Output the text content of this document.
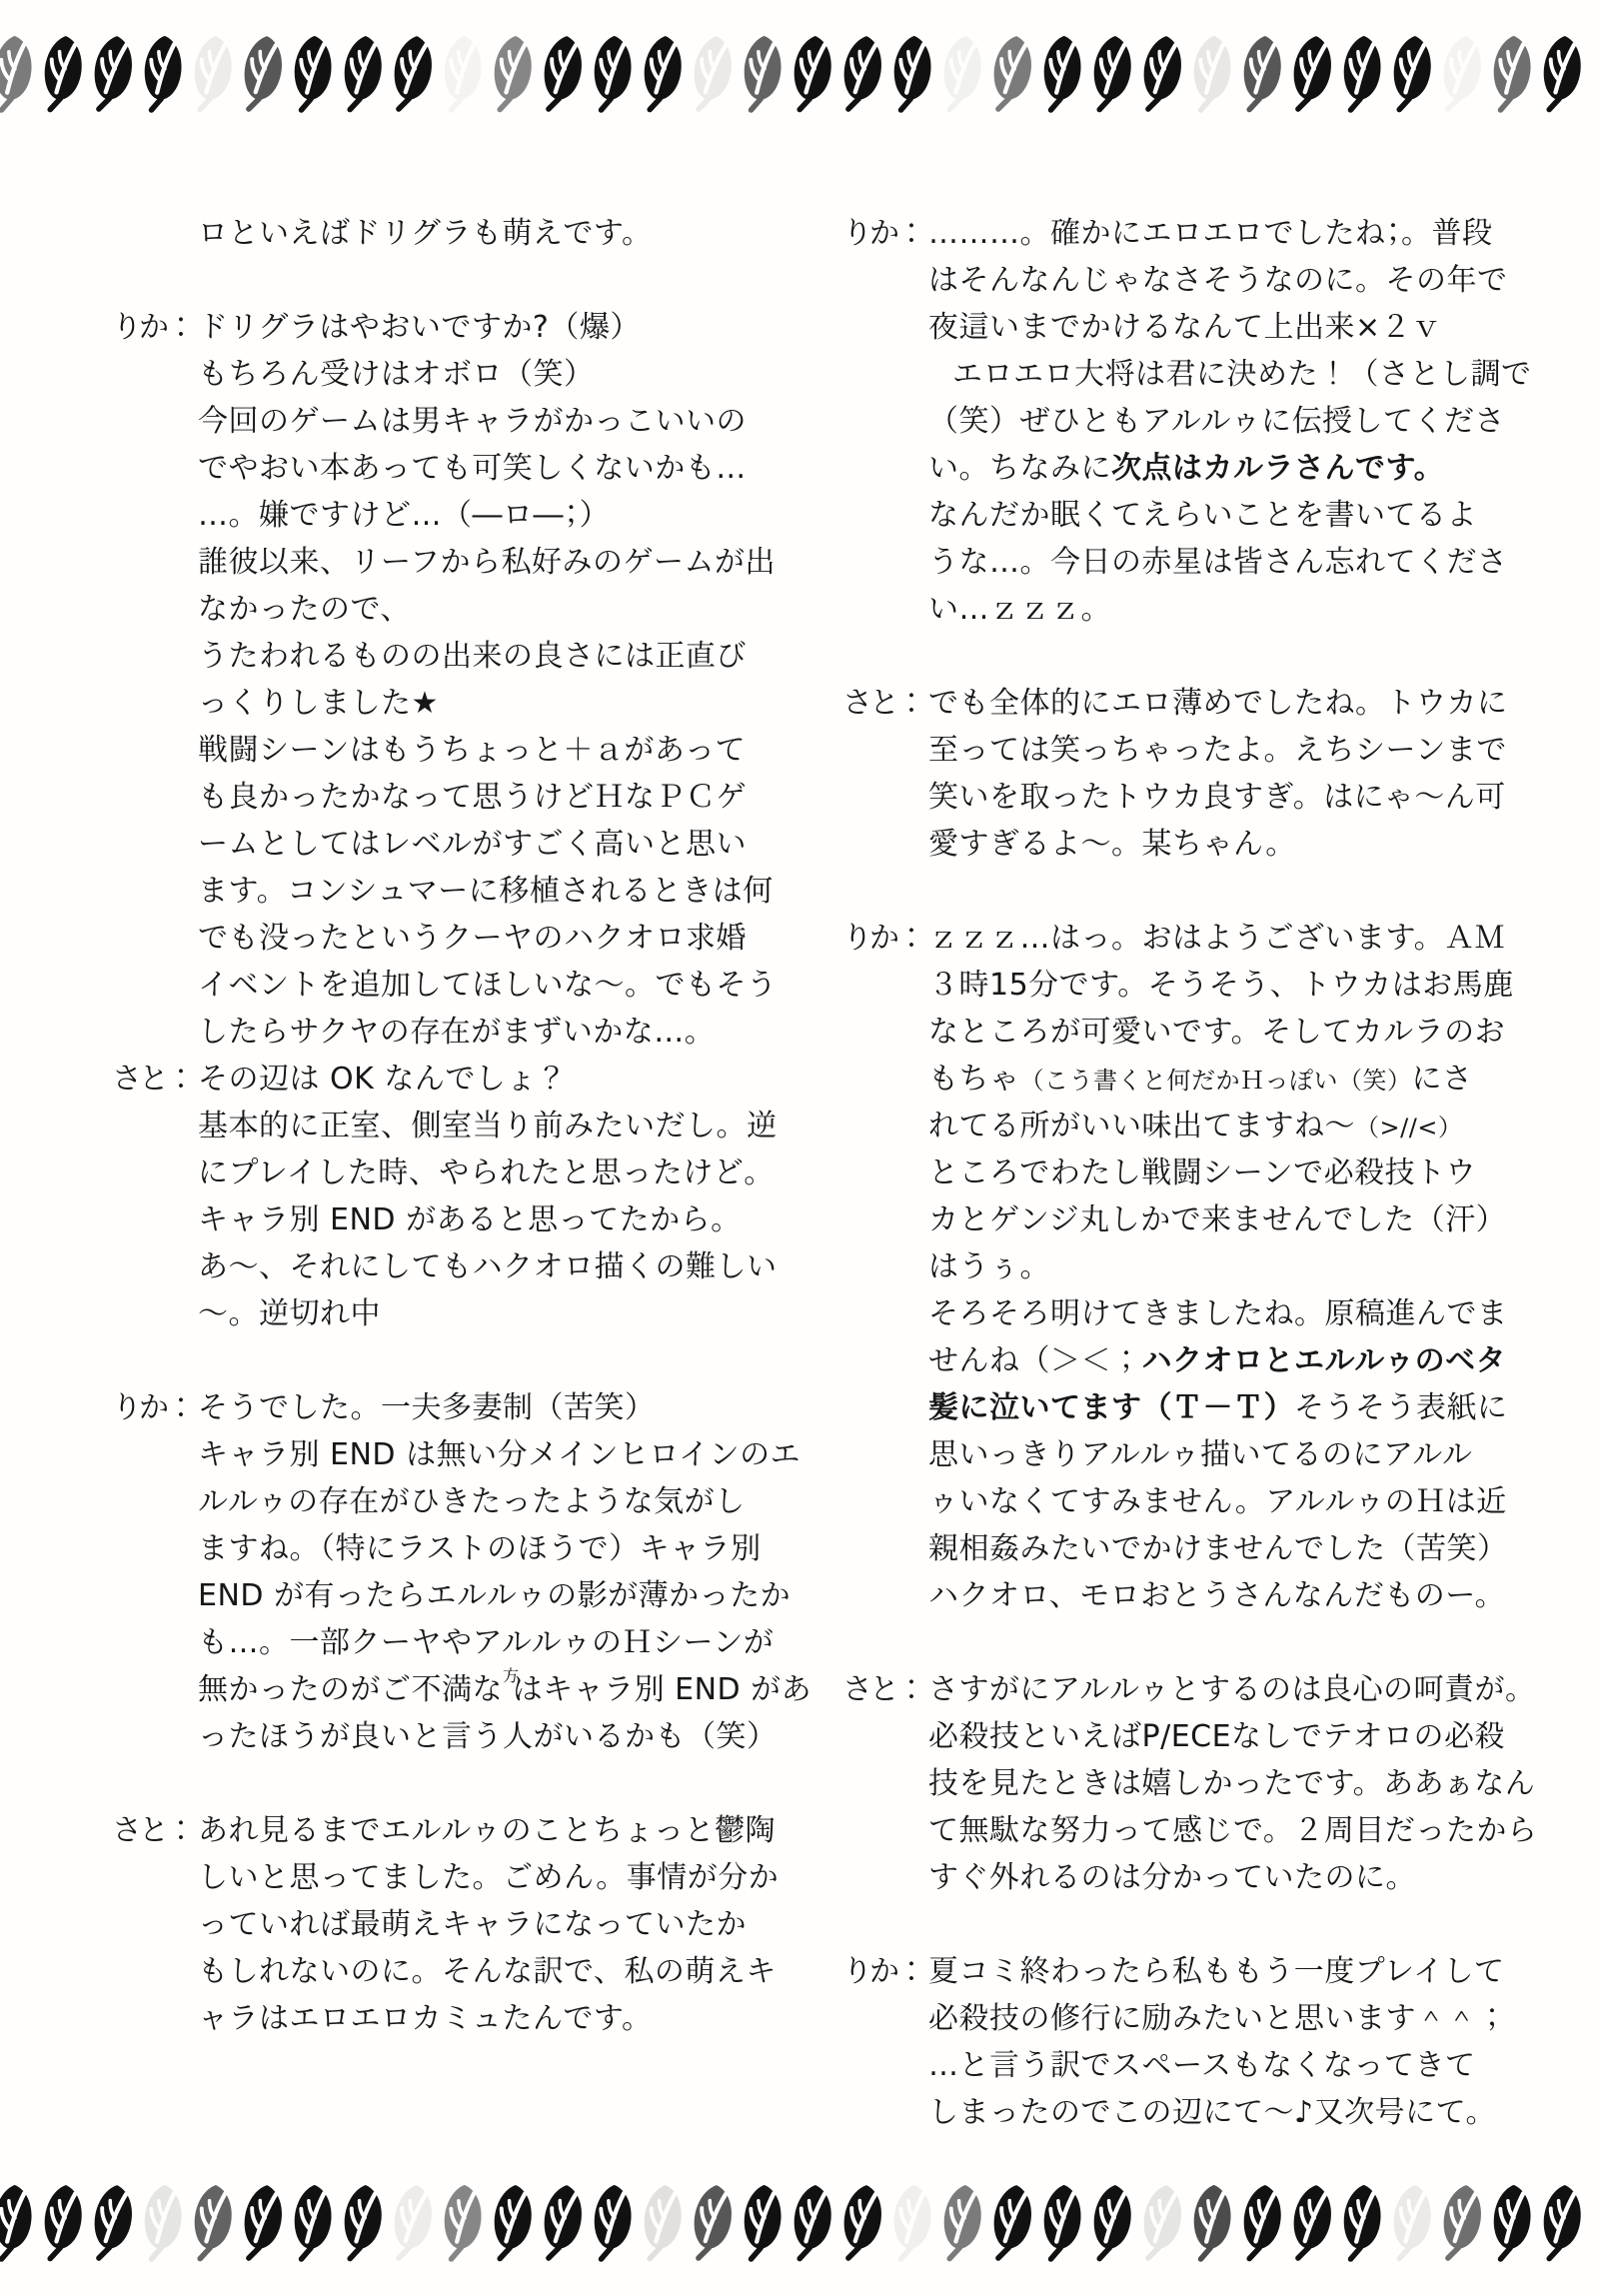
ロといえばドリグラも萌えです。
りか： ドリグラはやおいですか?（爆）
もちろん受けはオボロ（笑）
今回のゲームは男キャラがかっこいいの
でやおい本あっても可笑しくないかも…
…。嫌ですけど…（―ロ―；）
誰彼以来、リーフから私好みのゲームが出
なかったので、
うたわれるものの出来の良さには正直び
っくりしました★
戦闘シーンはもうちょっと＋ａがあって
も良かったかなって思うけどＨなＰＣゲ
ームとしてはレベルがすごく高いと思い
ます。コンシュマーに移植されるときは何
でも没ったというクーヤのハクオロ求婚
イベントを追加してほしいな～。でもそう
したらサクヤの存在がまずいかな…。
さと： その辺は OK なんでしょ？
基本的に正室、側室当り前みたいだし。逆
にプレイした時、やられたと思ったけど。
キャラ別 END があると思ってたから。
あ～、それにしてもハクオロ描くの難しい
～。逆切れ中
りか： そうでした。一夫多妻制（苦笑）
キャラ別 END は無い分メインヒロインのエ
ルルゥの存在がひきたったような気がし
ますね。（特にラストのほうで）キャラ別
END が有ったらエルルゥの影が薄かったか
も…。一部クーヤやアルルゥのＨシーンが
無かったのがご不満な方はキャラ別 END があ
ったほうが良いと言う人がいるかも（笑）
さと： あれ見るまでエルルゥのことちょっと鬱陶
しいと思ってました。ごめん。事情が分か
っていれば最萌えキャラになっていたか
もしれないのに。そんな訳で、私の萌えキ
ャラはエロエロカミュたんです。
りか： ………。確かにエロエロでしたね；。普段
はそんなんじゃなさそうなのに。その年で
夜這いまでかけるなんて上出来×２ｖ
エロエロ大将は君に決めた！（さとし調で
（笑）ぜひともアルルゥに伝授してくださ
い。ちなみに次点はカルラさんです。
なんだか眠くてえらいことを書いてるよ
うな…。今日の赤星は皆さん忘れてくださ
い…ｚｚｚ。
さと： でも全体的にエロ薄めでしたね。トウカに
至っては笑っちゃったよ。えちシーンまで
笑いを取ったトウカ良すぎ。はにゃ～ん可
愛すぎるよ～。某ちゃん。
りか： ｚｚｚ…はっ。おはようございます。ＡＭ
３時15分です。そうそう、トウカはお馬鹿
なところが可愛いです。そしてカルラのお
もちゃ（こう書くと何だかＨっぽい（笑）にさ
れてる所がいい味出てますね～（>//<）
ところでわたし戦闘シーンで必殺技トウ
カとゲンジ丸しかで来ませんでした（汗）
はうぅ。
そろそろ明けてきましたね。原稿進んでま
せんね（＞＜；ハクオロとエルルゥのベタ
髪に泣いてます（Ｔ－Ｔ）そうそう表紙に
思いっきりアルルゥ描いてるのにアルル
ゥいなくてすみません。アルルゥのＨは近
親相姦みたいでかけませんでした（苦笑）
ハクオロ、モロおとうさんなんだものー。
さと： さすがにアルルゥとするのは良心の呵責が。
必殺技といえばP/ECEなしでテオロの必殺
技を見たときは嬉しかったです。ああぁなん
て無駄な努力って感じで。２周目だったから
すぐ外れるのは分かっていたのに。
りか： 夏コミ終わったら私ももう一度プレイして
必殺技の修行に励みたいと思います＾＾；
…と言う訳でスペースもなくなってきて
しまったのでこの辺にて～♪又次号にて。
